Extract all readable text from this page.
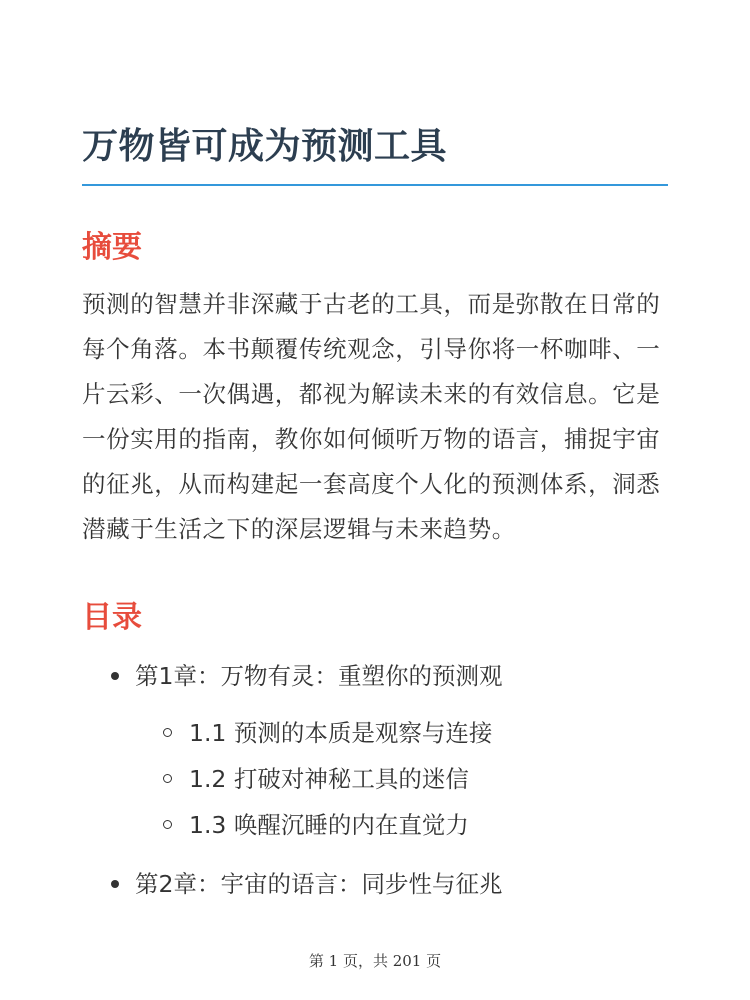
万物皆可成为预测工具
摘要

预测的智慧并非深藏于古老的工具，而是弥散在日常的每个角落。本书颠覆传统观念，引导你将一杯咖啡、一片云彩、一次偶遇，都视为解读未来的有效信息。它是一份实用的指南，教你如何倾听万物的语言，捕捉宇宙的征兆，从而构建起一套高度个人化的预测体系，洞悉潜藏于生活之下的深层逻辑与未来趋势。

目录
第1章：万物有灵：重塑你的预测观
1.1 预测的本质是观察与连接
1.2 打破对神秘工具的迷信
1.3 唤醒沉睡的内在直觉力
第2章：宇宙的语言：同步性与征兆

第 1 页，共 201 页
